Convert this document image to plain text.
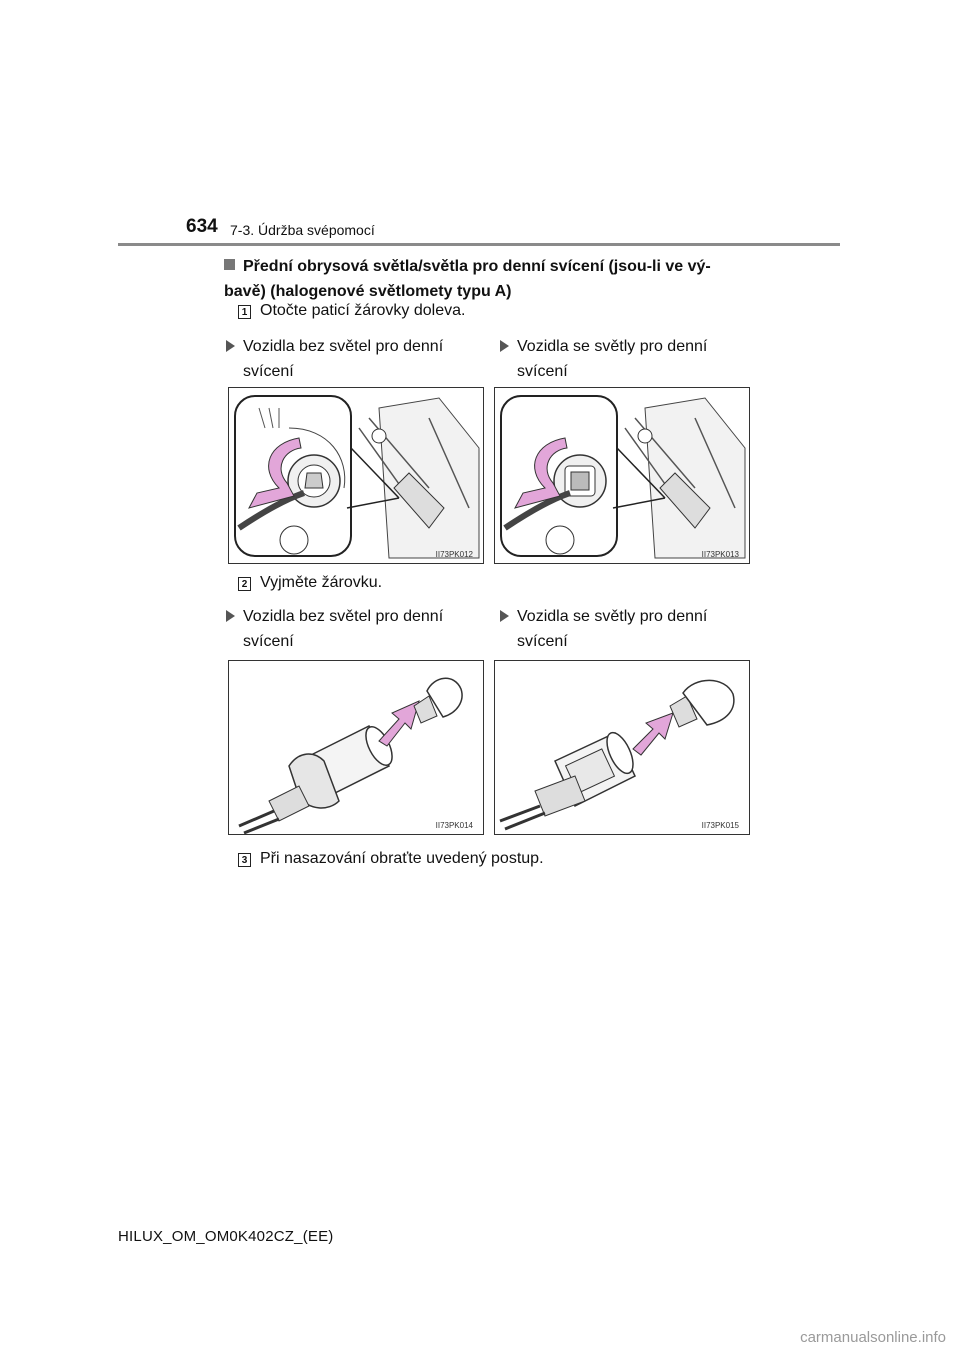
634 7-3. Údržba svépomocí
Přední obrysová světla/světla pro denní svícení (jsou-li ve vý-
bavě) (halogenové světlomety typu A)
1 Otočte paticí žárovky doleva.
Vozidla bez světel pro denní svícení
Vozidla se světly pro denní svícení
II73PK012	II73PK013
2 Vyjměte žárovku.
Vozidla bez světel pro denní svícení
Vozidla se světly pro denní svícení
II73PK014	II73PK015
3 Při nasazování obraťte uvedený postup.
HILUX_OM_OM0K402CZ_(EE)
carmanualsonline.info
